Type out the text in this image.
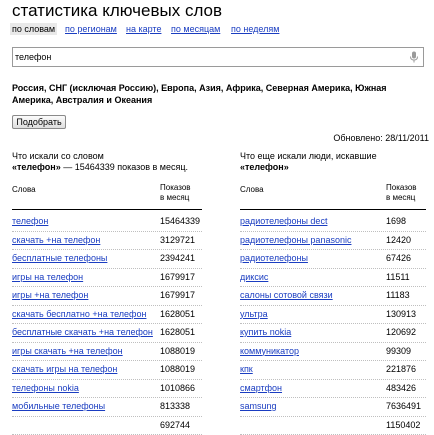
статистика ключевых слов
по словам по регионам на карте по месяцам по неделям
телефон
Россия, СНГ (исключая Россию), Европа, Азия, Африка, Северная Америка, Южная Америка, Австралия и Океания
Подобрать
Обновлено: 28/11/2011
Что искали со словом
«телефон» — 15464339 показов в месяц.
Слова	Показов
в месяц
телефон	15464339
скачать +на телефон	3129721
бесплатные телефоны	2394241
игры на телефон	1679917
игры +на телефон	1679917
скачать бесплатно +на телефон 1628051
бесплатные скачать +на телефон 1628051
игры скачать +на телефон	1088019
скачать игры на телефон	1088019
телефоны nokia	1010866
мобильные телефоны	813338
692744
Что еще искали люди, искавшие
«телефон»
Слова	Показов
в месяц
радиотелефоны dect	1698
радиотелефоны panasonic	12420
радиотелефоны	67426
диксис	11511
салоны сотовой связи	11183
ультра	130913
купить nokia	120692
коммуникатор	99309
кпк	221876
смартфон	483426
samsung	7636491
1150402
